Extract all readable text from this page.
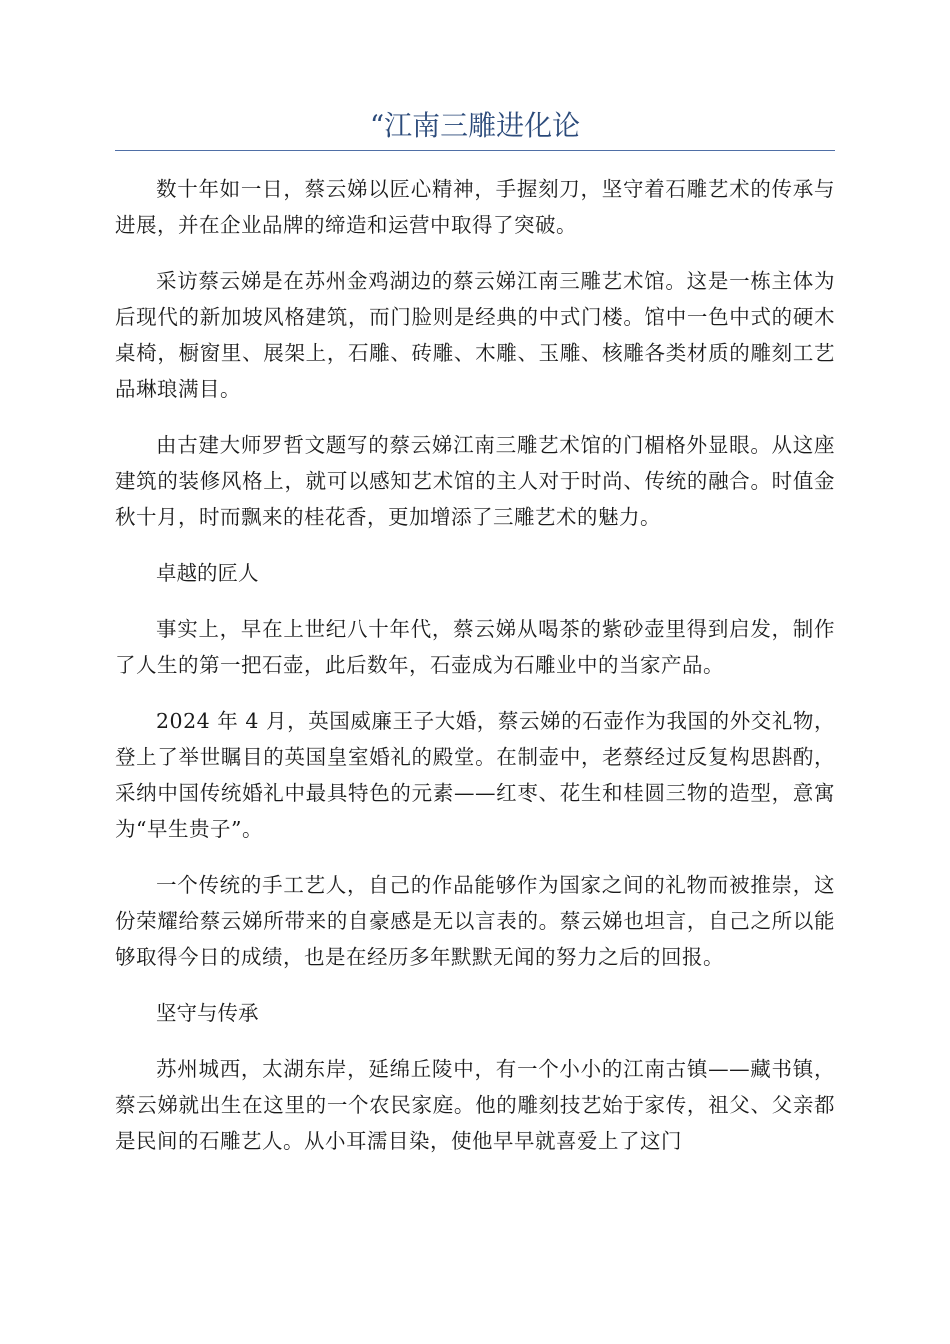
“江南三雕进化论

数十年如一日，蔡云娣以匠心精神，手握刻刀，坚守着石雕艺术的传承与进展，并在企业品牌的缔造和运营中取得了突破。

采访蔡云娣是在苏州金鸡湖边的蔡云娣江南三雕艺术馆。这是一栋主体为后现代的新加坡风格建筑，而门脸则是经典的中式门楼。馆中一色中式的硬木桌椅，橱窗里、展架上，石雕、砖雕、木雕、玉雕、核雕各类材质的雕刻工艺品琳琅满目。

由古建大师罗哲文题写的蔡云娣江南三雕艺术馆的门楣格外显眼。从这座建筑的装修风格上，就可以感知艺术馆的主人对于时尚、传统的融合。时值金秋十月，时而飘来的桂花香，更加增添了三雕艺术的魅力。

卓越的匠人

事实上，早在上世纪八十年代，蔡云娣从喝茶的紫砂壶里得到启发，制作了人生的第一把石壶，此后数年，石壶成为石雕业中的当家产品。

2024 年 4 月，英国威廉王子大婚，蔡云娣的石壶作为我国的外交礼物，登上了举世瞩目的英国皇室婚礼的殿堂。在制壶中，老蔡经过反复构思斟酌，采纳中国传统婚礼中最具特色的元素——红枣、花生和桂圆三物的造型，意寓为“早生贵子”。

一个传统的手工艺人，自己的作品能够作为国家之间的礼物而被推崇，这份荣耀给蔡云娣所带来的自豪感是无以言表的。蔡云娣也坦言，自己之所以能够取得今日的成绩，也是在经历多年默默无闻的努力之后的回报。

坚守与传承

苏州城西，太湖东岸，延绵丘陵中，有一个小小的江南古镇——藏书镇，蔡云娣就出生在这里的一个农民家庭。他的雕刻技艺始于家传，祖父、父亲都是民间的石雕艺人。从小耳濡目染，使他早早就喜爱上了这门
